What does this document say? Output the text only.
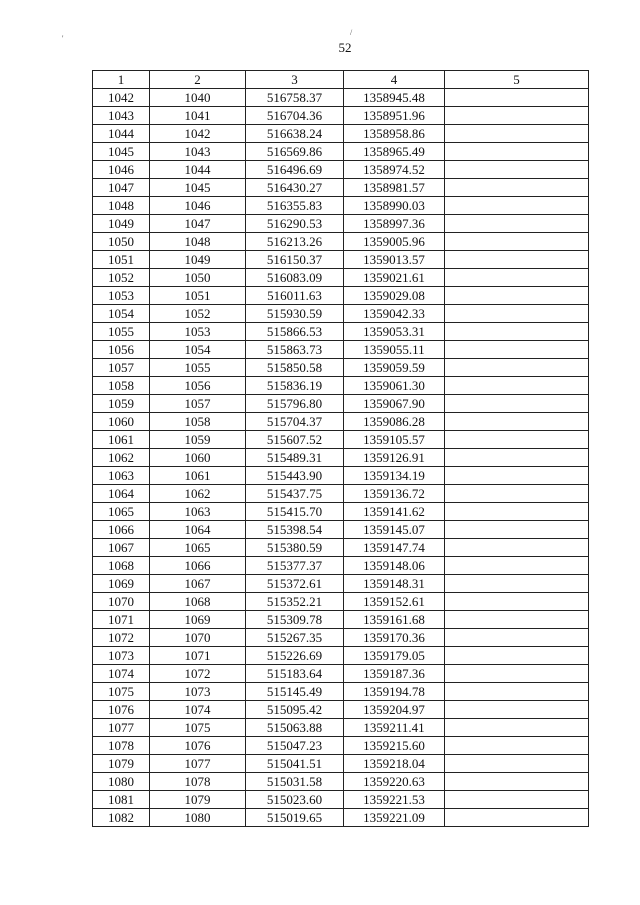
'
/
52
1	2	3	4	5
1042	1040	516758.37	1358945.48	
1043	1041	516704.36	1358951.96	
1044	1042	516638.24	1358958.86	
1045	1043	516569.86	1358965.49	
1046	1044	516496.69	1358974.52	
1047	1045	516430.27	1358981.57	
1048	1046	516355.83	1358990.03	
1049	1047	516290.53	1358997.36	
1050	1048	516213.26	1359005.96	
1051	1049	516150.37	1359013.57	
1052	1050	516083.09	1359021.61	
1053	1051	516011.63	1359029.08	
1054	1052	515930.59	1359042.33	
1055	1053	515866.53	1359053.31	
1056	1054	515863.73	1359055.11	
1057	1055	515850.58	1359059.59	
1058	1056	515836.19	1359061.30	
1059	1057	515796.80	1359067.90	
1060	1058	515704.37	1359086.28	
1061	1059	515607.52	1359105.57	
1062	1060	515489.31	1359126.91	
1063	1061	515443.90	1359134.19	
1064	1062	515437.75	1359136.72	
1065	1063	515415.70	1359141.62	
1066	1064	515398.54	1359145.07	
1067	1065	515380.59	1359147.74	
1068	1066	515377.37	1359148.06	
1069	1067	515372.61	1359148.31	
1070	1068	515352.21	1359152.61	
1071	1069	515309.78	1359161.68	
1072	1070	515267.35	1359170.36	
1073	1071	515226.69	1359179.05	
1074	1072	515183.64	1359187.36	
1075	1073	515145.49	1359194.78	
1076	1074	515095.42	1359204.97	
1077	1075	515063.88	1359211.41	
1078	1076	515047.23	1359215.60	
1079	1077	515041.51	1359218.04	
1080	1078	515031.58	1359220.63	
1081	1079	515023.60	1359221.53	
1082	1080	515019.65	1359221.09	
